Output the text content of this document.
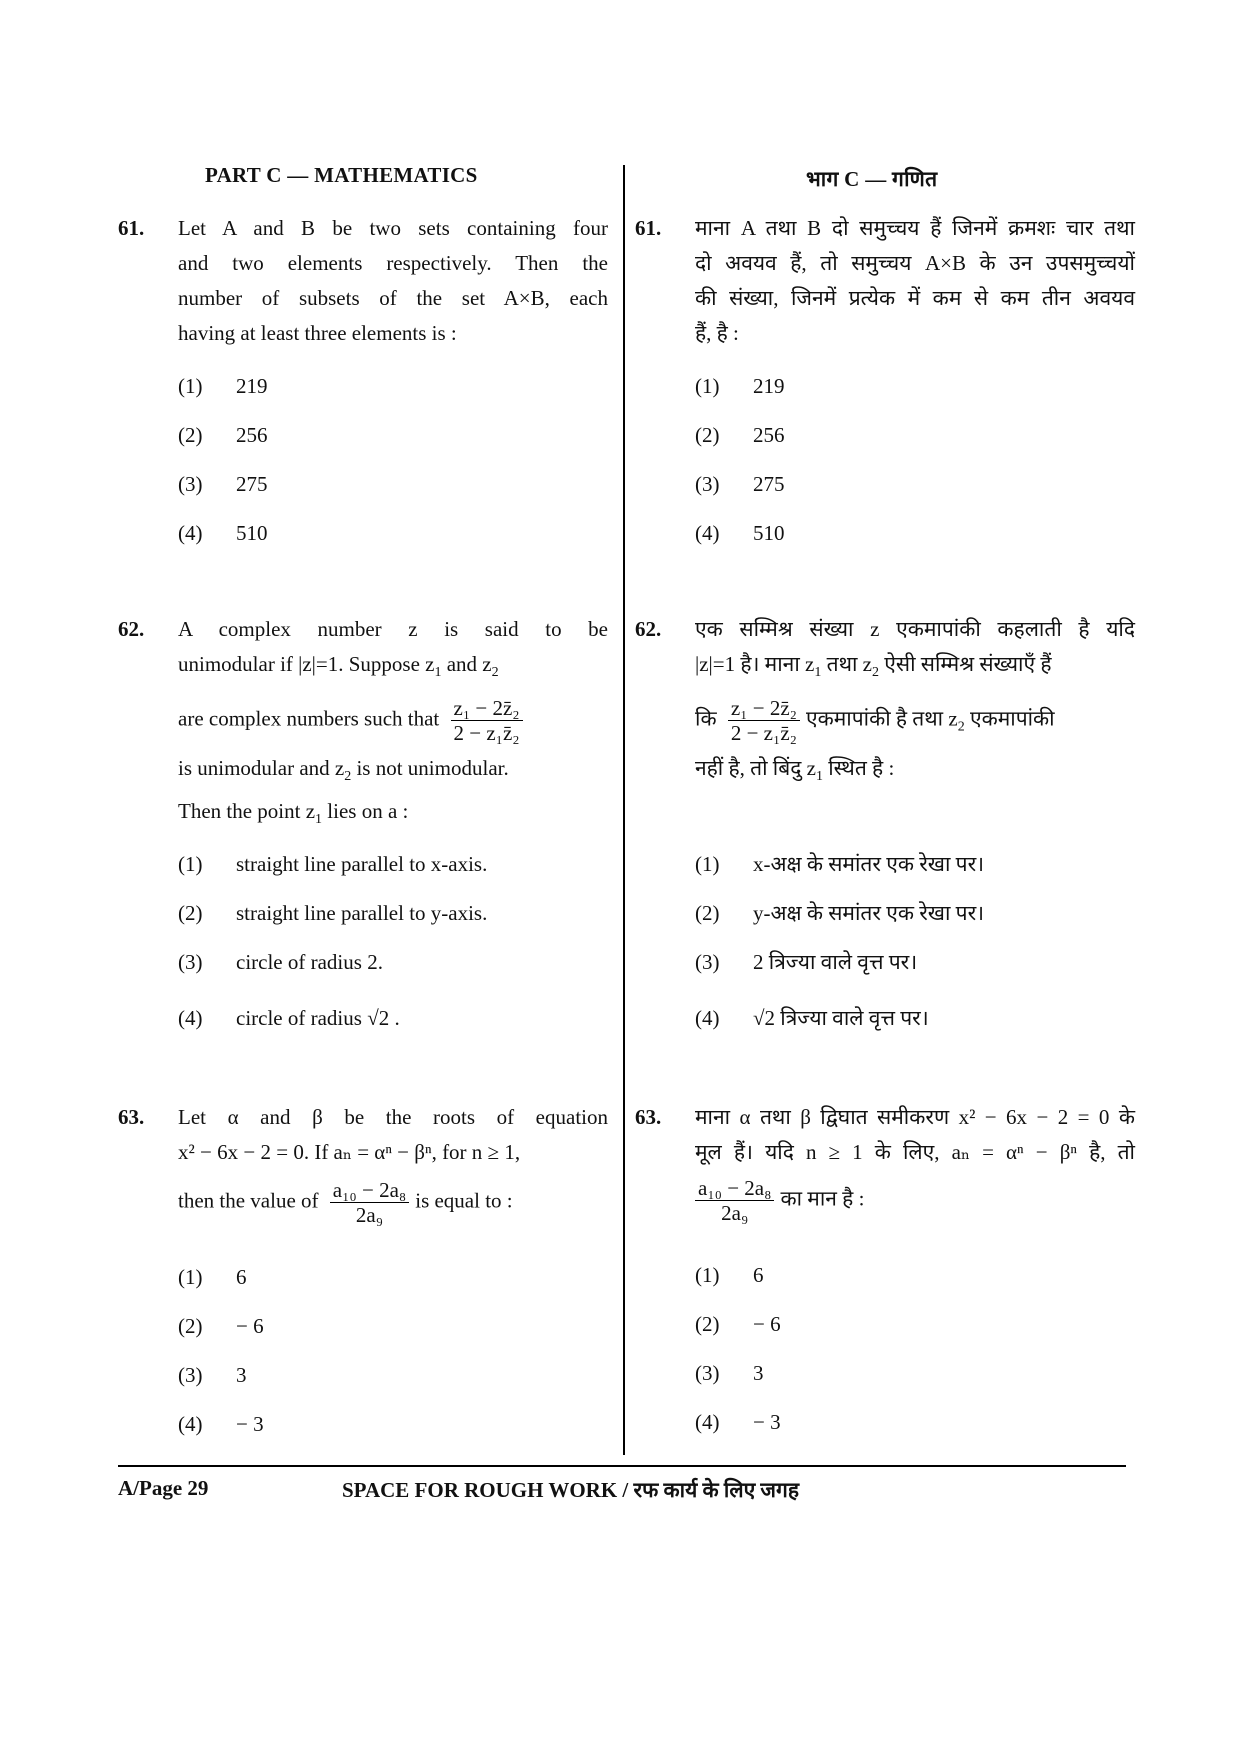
PART C — MATHEMATICS	भाग C — गणित
61. Let A and B be two sets containing four
and two elements respectively. Then the
number of subsets of the set A×B, each
having at least three elements is :
(1) 219
(2) 256
(3) 275
(4) 510
61. माना A तथा B दो समुच्चय हैं जिनमें क्रमशः चार तथा
दो अवयव हैं, तो समुच्चय A×B के उन उपसमुच्चयों
की संख्या, जिनमें प्रत्येक में कम से कम तीन अवयव
हैं, है :
(1) 219
(2) 256
(3) 275
(4) 510
62. A complex number z is said to be
unimodular if |z|=1. Suppose $z_1$ and $z_2$
are complex numbers such that $\frac{\text{z₁ − 2z̄₂}}{\text{2 − z₁z̄₂}}$
is unimodular and $z_2$ is not unimodular.
Then the point $z_1$ lies on a :
(1) straight line parallel to x-axis.
(2) straight line parallel to y-axis.
(3) circle of radius 2.
(4) circle of radius √2 .
62. एक सम्मिश्र संख्या z एकमापांकी कहलाती है यदि
|z|=1 है। माना $z_1$ तथा $z_2$ ऐसी सम्मिश्र संख्याएँ हैं
कि $\frac{\text{z₁ − 2z̄₂}}{\text{2 − z₁z̄₂}}$ एकमापांकी है तथा $z_2$ एकमापांकी
नहीं है, तो बिंदु $z_1$ स्थित है :
(1) x-अक्ष के समांतर एक रेखा पर।
(2) y-अक्ष के समांतर एक रेखा पर।
(3) 2 त्रिज्या वाले वृत्त पर।
(4) √2 त्रिज्या वाले वृत्त पर।
63. Let α and β be the roots of equation
x² − 6x − 2 = 0. If aₙ = αⁿ − βⁿ, for n ≥ 1,
then the value of $\frac{\text{a₁₀ − 2a₈}}{\text{2a₉}}$ is equal to :
(1) 6
(2) − 6
(3) 3
(4) − 3
63. माना α तथा β द्विघात समीकरण x² − 6x − 2 = 0 के
मूल हैं। यदि n ≥ 1 के लिए, aₙ = αⁿ − βⁿ है, तो
$\frac{\text{a₁₀ − 2a₈}}{\text{2a₉}}$ का मान है :
(1) 6
(2) − 6
(3) 3
(4) − 3
A/Page 29	SPACE FOR ROUGH WORK / रफ कार्य के लिए जगह
